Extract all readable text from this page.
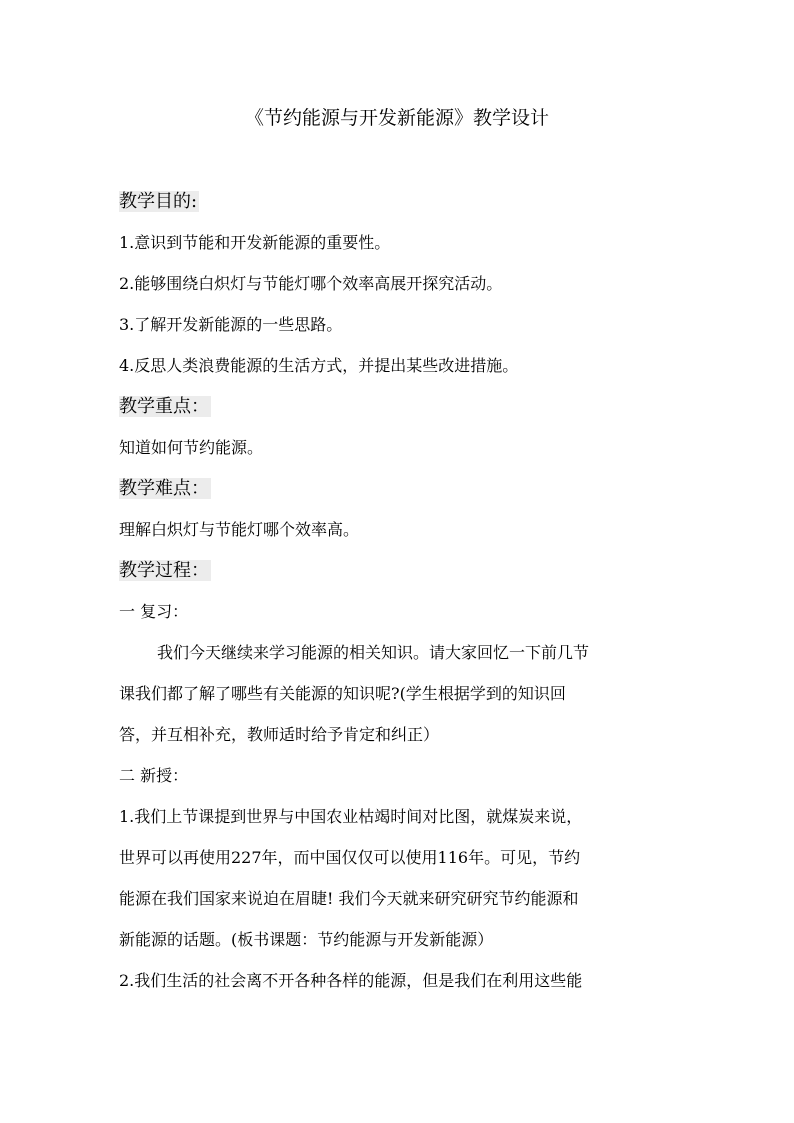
《节约能源与开发新能源》教学设计
教学目的:
1.意识到节能和开发新能源的重要性。
2.能够围绕白炽灯与节能灯哪个效率高展开探究活动。
3.了解开发新能源的一些思路。
4.反思人类浪费能源的生活方式，并提出某些改进措施。
教学重点：
知道如何节约能源。
教学难点：
理解白炽灯与节能灯哪个效率高。
教学过程：
一 复习：
我们今天继续来学习能源的相关知识。请大家回忆一下前几节
课我们都了解了哪些有关能源的知识呢?(学生根据学到的知识回
答，并互相补充，教师适时给予肯定和纠正）
二 新授：
1.我们上节课提到世界与中国农业枯竭时间对比图，就煤炭来说，
世界可以再使用227年，而中国仅仅可以使用116年。可见，节约
能源在我们国家来说迫在眉睫! 我们今天就来研究研究节约能源和
新能源的话题。(板书课题：节约能源与开发新能源）
2.我们生活的社会离不开各种各样的能源，但是我们在利用这些能
